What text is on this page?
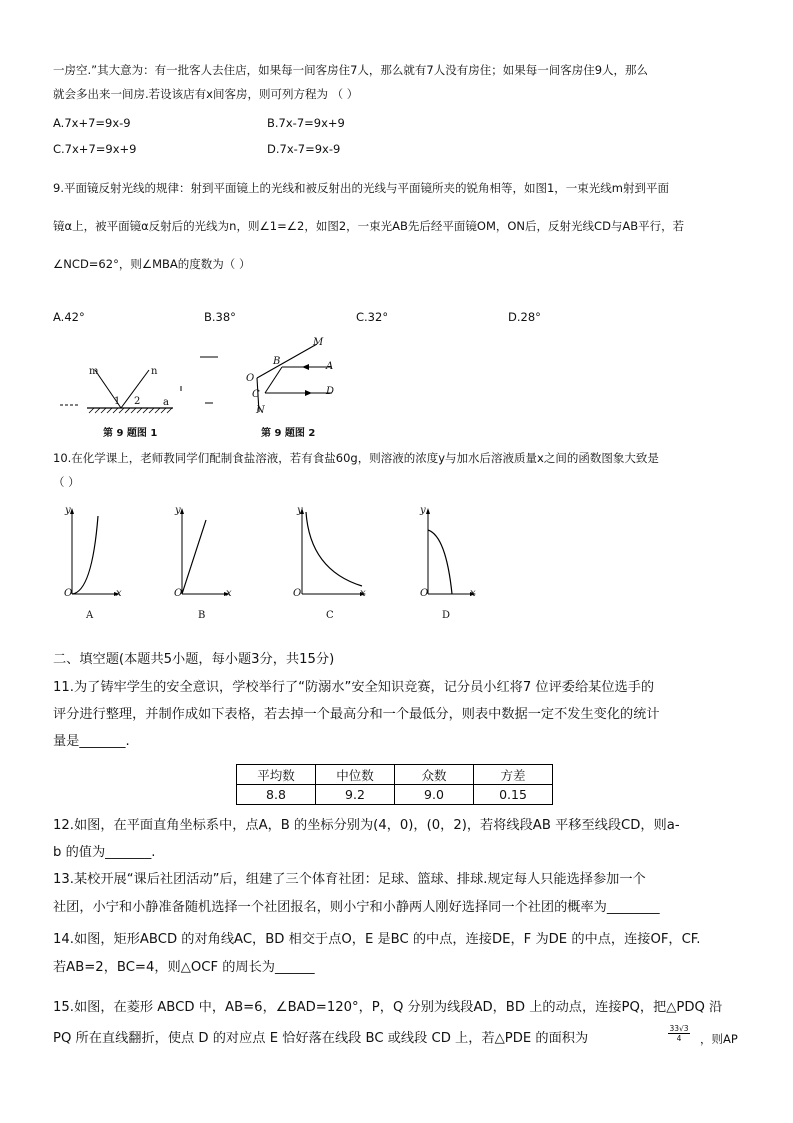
一房空.”其大意为：有一批客人去住店，如果每一间客房住7人，那么就有7人没有房住；如果每一间客房住9人，那么
就会多出来一间房.若设该店有x间客房，则可列方程为 （ ）
A.7x+7=9x-9	B.7x-7=9x+9
C.7x+7=9x+9	D.7x-7=9x-9
9.平面镜反射光线的规律：射到平面镜上的光线和被反射出的光线与平面镜所夹的锐角相等，如图1，一束光线m射到平面
镜α上，被平面镜α反射后的光线为n，则∠1=∠2，如图2，一束光AB先后经平面镜OM，ON后，反射光线CD与AB平行，若
∠NCD=62°，则∠MBA的度数为（ ）
A.42°	B.38°	C.32°	D.28°
m	n
1 2 a
第 9 题图 1
M
B	A
O
C	D
N
第 9 题图 2
10.在化学课上，老师教同学们配制食盐溶液，若有食盐60g，则溶液的浓度y与加水后溶液质量x之间的函数图象大致是
（ ）
y
O	x
A
y
O	x
B
y
O	x
C
y
O	x
D
二、填空题(本题共5小题，每小题3分，共15分)
11.为了铸牢学生的安全意识，学校举行了“防溺水”安全知识竞赛，记分员小红将7 位评委给某位选手的
评分进行整理，并制作成如下表格，若去掉一个最高分和一个最低分，则表中数据一定不发生变化的统计
量是_______.
平均数	中位数	众数	方差
8.8	9.2	9.0	0.15
12.如图，在平面直角坐标系中，点A，B 的坐标分别为(4，0)，(0，2)，若将线段AB 平移至线段CD，则a-
b 的值为_______.
13.某校开展“课后社团活动”后，组建了三个体育社团：足球、篮球、排球.规定每人只能选择参加一个
社团，小宁和小静准备随机选择一个社团报名，则小宁和小静两人刚好选择同一个社团的概率为________
14.如图，矩形ABCD 的对角线AC，BD 相交于点O，E 是BC 的中点，连接DE，F 为DE 的中点，连接OF，CF.
若AB=2，BC=4，则△OCF 的周长为______
15.如图，在菱形 ABCD 中，AB=6，∠BAD=120°，P，Q 分别为线段AD，BD 上的动点，连接PQ，把△PDQ 沿
PQ 所在直线翻折，使点 D 的对应点 E 恰好落在线段 BC 或线段 CD 上，若△PDE 的面积为	$\frac{33√3}{4}$ ，则AP
